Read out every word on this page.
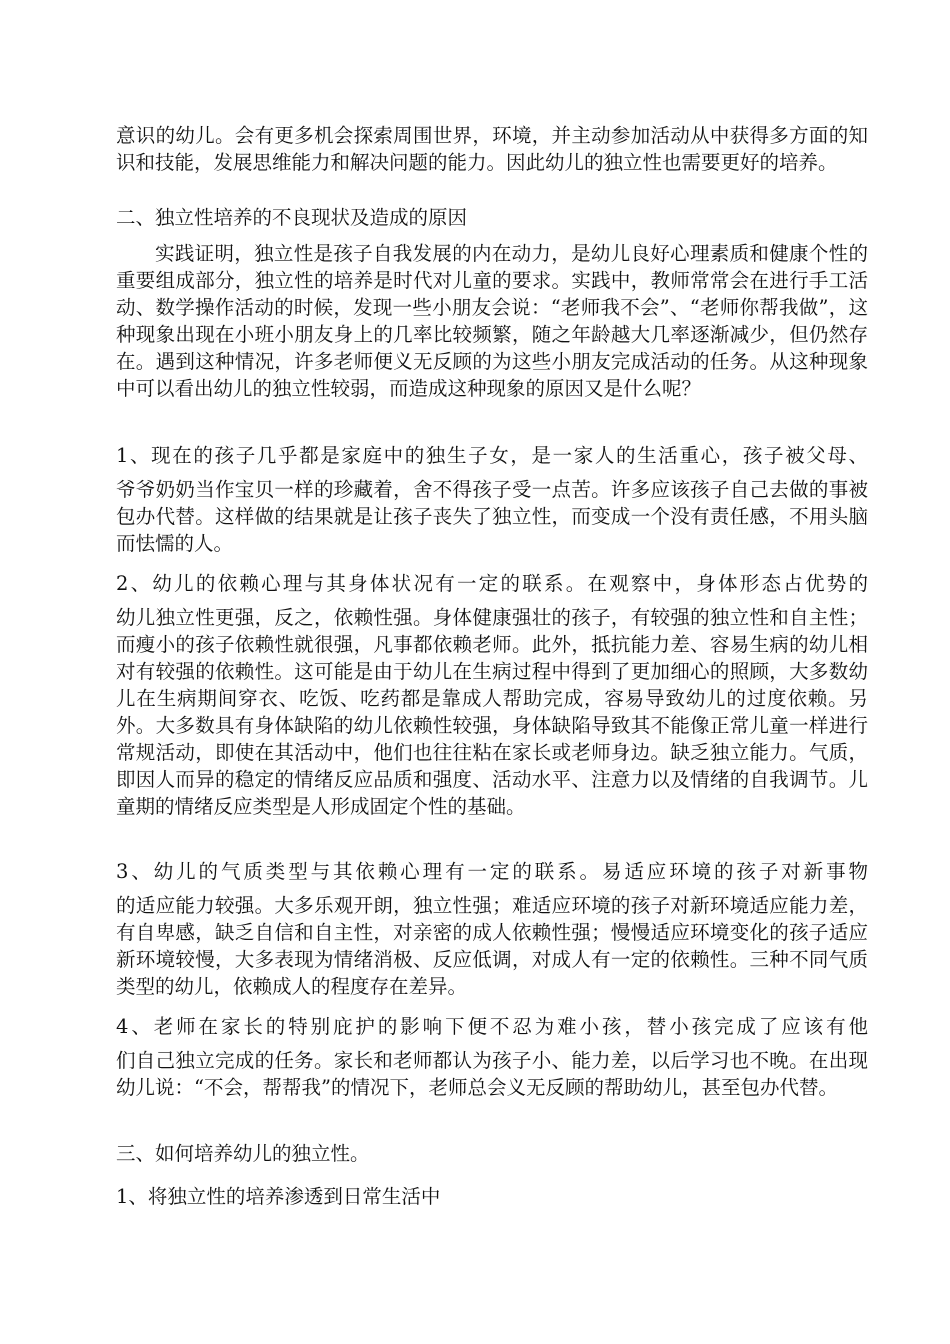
意识的幼儿。会有更多机会探索周围世界，环境，并主动参加活动从中获得多方面的知识和技能，发展思维能力和解决问题的能力。因此幼儿的独立性也需要更好的培养。

二、独立性培养的不良现状及造成的原因

实践证明，独立性是孩子自我发展的内在动力，是幼儿良好心理素质和健康个性的重要组成部分，独立性的培养是时代对儿童的要求。实践中，教师常常会在进行手工活动、数学操作活动的时候，发现一些小朋友会说：“老师我不会”、“老师你帮我做”，这种现象出现在小班小朋友身上的几率比较频繁，随之年龄越大几率逐渐减少，但仍然存在。遇到这种情况，许多老师便义无反顾的为这些小朋友完成活动的任务。从这种现象中可以看出幼儿的独立性较弱，而造成这种现象的原因又是什么呢？

1、现在的孩子几乎都是家庭中的独生子女，是一家人的生活重心，孩子被父母、

爷爷奶奶当作宝贝一样的珍藏着，舍不得孩子受一点苦。许多应该孩子自己去做的事被包办代替。这样做的结果就是让孩子丧失了独立性，而变成一个没有责任感，不用头脑而怯懦的人。

2、幼儿的依赖心理与其身体状况有一定的联系。在观察中，身体形态占优势的

幼儿独立性更强，反之，依赖性强。身体健康强壮的孩子，有较强的独立性和自主性；而瘦小的孩子依赖性就很强，凡事都依赖老师。此外，抵抗能力差、容易生病的幼儿相对有较强的依赖性。这可能是由于幼儿在生病过程中得到了更加细心的照顾，大多数幼儿在生病期间穿衣、吃饭、吃药都是靠成人帮助完成，容易导致幼儿的过度依赖。另外。大多数具有身体缺陷的幼儿依赖性较强，身体缺陷导致其不能像正常儿童一样进行常规活动，即使在其活动中，他们也往往粘在家长或老师身边。缺乏独立能力。气质，即因人而异的稳定的情绪反应品质和强度、活动水平、注意力以及情绪的自我调节。儿童期的情绪反应类型是人形成固定个性的基础。

3、幼儿的气质类型与其依赖心理有一定的联系。易适应环境的孩子对新事物

的适应能力较强。大多乐观开朗，独立性强；难适应环境的孩子对新环境适应能力差，有自卑感，缺乏自信和自主性，对亲密的成人依赖性强；慢慢适应环境变化的孩子适应新环境较慢，大多表现为情绪消极、反应低调，对成人有一定的依赖性。三种不同气质类型的幼儿，依赖成人的程度存在差异。

4、老师在家长的特别庇护的影响下便不忍为难小孩，替小孩完成了应该有他

们自己独立完成的任务。家长和老师都认为孩子小、能力差，以后学习也不晚。在出现幼儿说：“不会，帮帮我”的情况下，老师总会义无反顾的帮助幼儿，甚至包办代替。

三、如何培养幼儿的独立性。

1、将独立性的培养渗透到日常生活中
